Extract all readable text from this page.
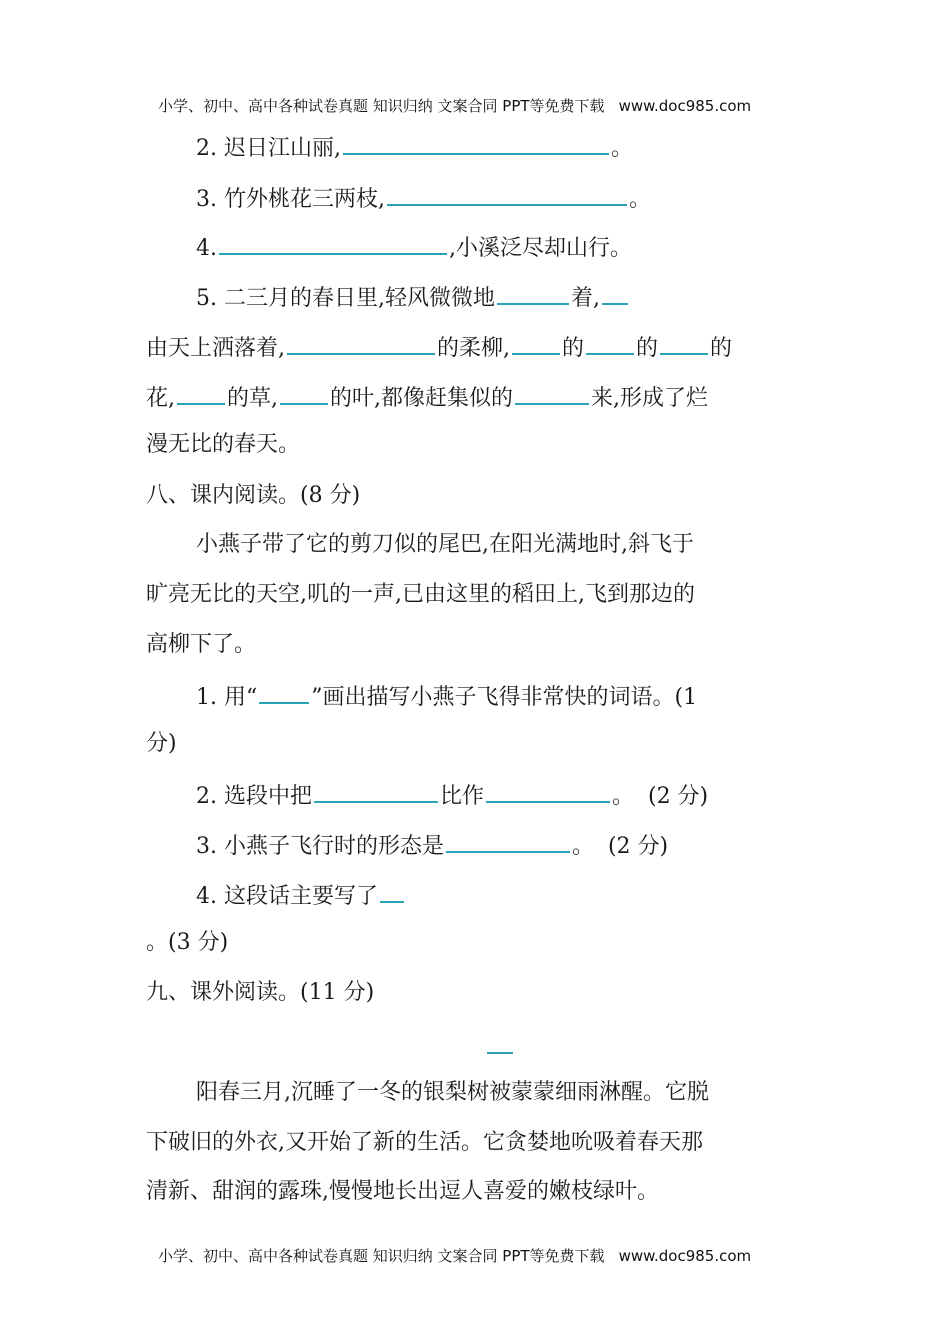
小学、初中、高中各种试卷真题 知识归纳 文案合同 PPT等免费下载 www.doc985.com
2. 迟日江山丽,	。
3. 竹外桃花三两枝,	。
4.	,小溪泛尽却山行。
5. 二三月的春日里,轻风微微地	着,
由天上洒落着,	的柔柳, 的 的 的
花, 的草, 的叶,都像赶集似的	来,形成了烂
漫无比的春天。
八、课内阅读。(8 分)
小燕子带了它的剪刀似的尾巴,在阳光满地时,斜飞于
旷亮无比的天空,叽的一声,已由这里的稻田上,飞到那边的
高柳下了。
1. 用“ ”画出描写小燕子飞得非常快的词语。(1
分)
2. 选段中把	比作	。  (2 分)
3. 小燕子飞行时的形态是	。  (2 分)
4. 这段话主要写了
。(3 分)
九、课外阅读。(11 分)
阳春三月,沉睡了一冬的银梨树被蒙蒙细雨淋醒。它脱
下破旧的外衣,又开始了新的生活。它贪婪地吮吸着春天那
清新、甜润的露珠,慢慢地长出逗人喜爱的嫩枝绿叶。
小学、初中、高中各种试卷真题 知识归纳 文案合同 PPT等免费下载 www.doc985.com
